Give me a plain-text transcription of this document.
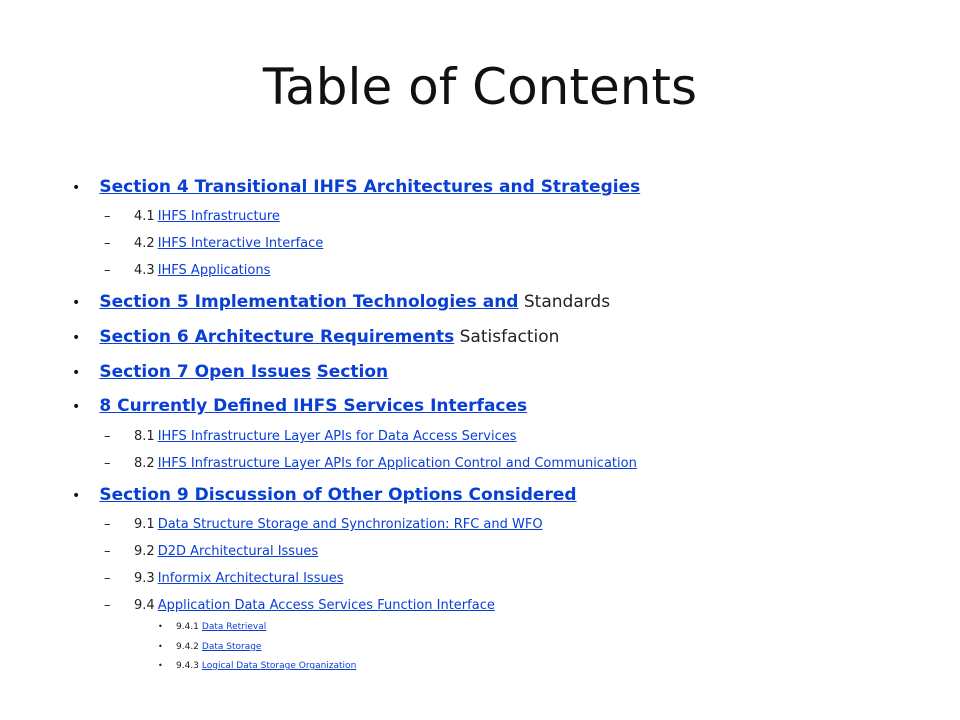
Table of Contents
• Section 4 Transitional IHFS Architectures and Strategies
– 4.1 IHFS Infrastructure
– 4.2 IHFS Interactive Interface
– 4.3 IHFS Applications
• Section 5 Implementation Technologies and Standards
• Section 6 Architecture Requirements Satisfaction
• Section 7 Open Issues Section
• 8 Currently Defined IHFS Services Interfaces
– 8.1 IHFS Infrastructure Layer APIs for Data Access Services
– 8.2 IHFS Infrastructure Layer APIs for Application Control and Communication
• Section 9 Discussion of Other Options Considered
– 9.1 Data Structure Storage and Synchronization: RFC and WFO
– 9.2 D2D Architectural Issues
– 9.3 Informix Architectural Issues
– 9.4 Application Data Access Services Function Interface
• 9.4.1 Data Retrieval
• 9.4.2 Data Storage
• 9.4.3 Logical Data Storage Organization
